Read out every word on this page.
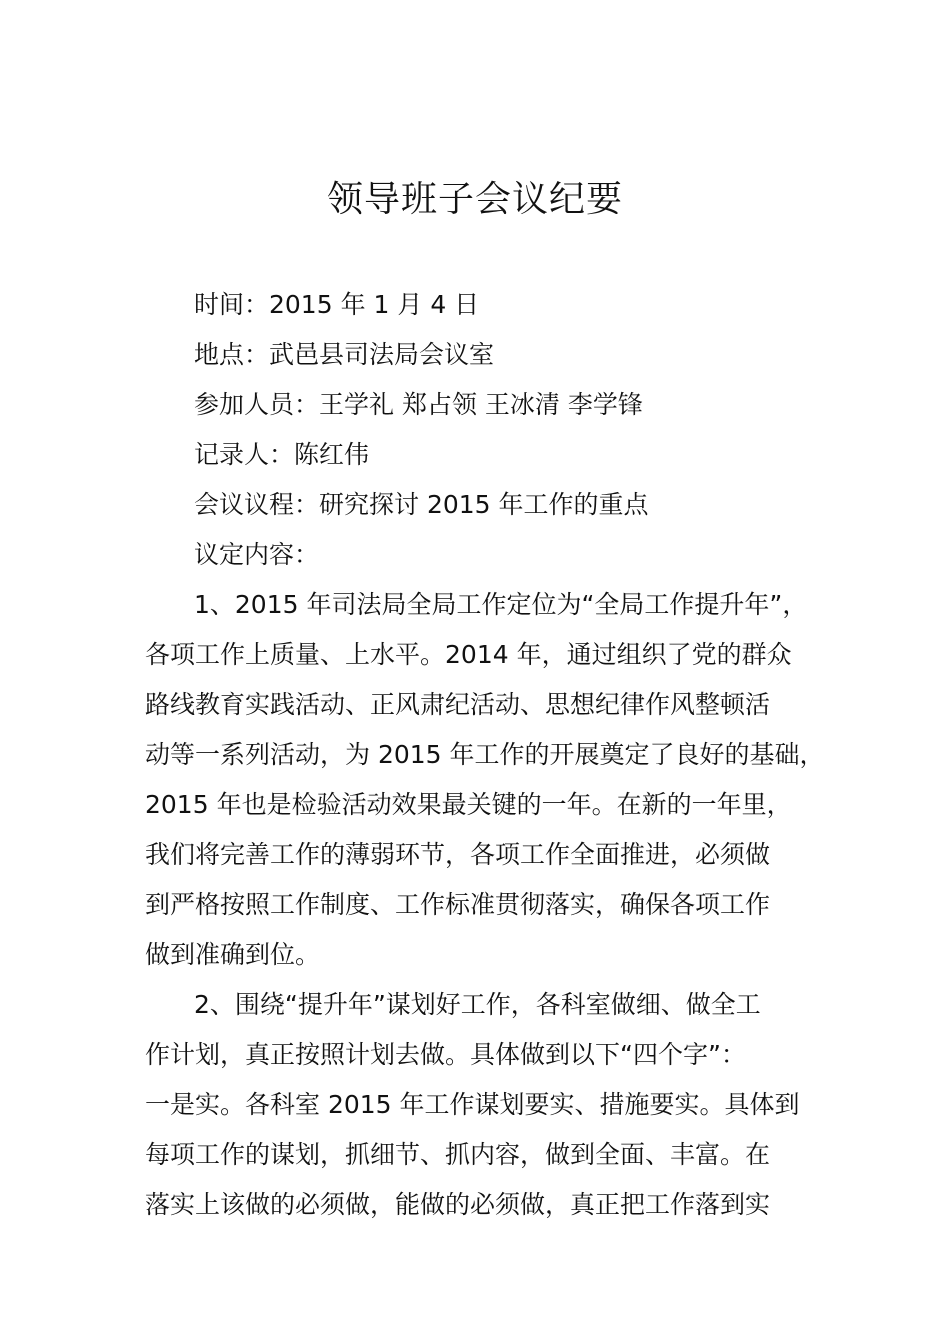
领导班子会议纪要
时间：2015 年 1 月 4 日
地点：武邑县司法局会议室
参加人员：王学礼 郑占领 王冰清 李学锋
记录人：陈红伟
会议议程：研究探讨 2015 年工作的重点
议定内容：
1、2015 年司法局全局工作定位为“全局工作提升年”，
各项工作上质量、上水平。2014 年，通过组织了党的群众
路线教育实践活动、正风肃纪活动、思想纪律作风整顿活
动等一系列活动，为 2015 年工作的开展奠定了良好的基础，
2015 年也是检验活动效果最关键的一年。在新的一年里，
我们将完善工作的薄弱环节，各项工作全面推进，必须做
到严格按照工作制度、工作标准贯彻落实，确保各项工作
做到准确到位。
2、围绕“提升年”谋划好工作，各科室做细、做全工
作计划，真正按照计划去做。具体做到以下“四个字”：
一是实。各科室 2015 年工作谋划要实、措施要实。具体到
每项工作的谋划，抓细节、抓内容，做到全面、丰富。在
落实上该做的必须做，能做的必须做，真正把工作落到实
